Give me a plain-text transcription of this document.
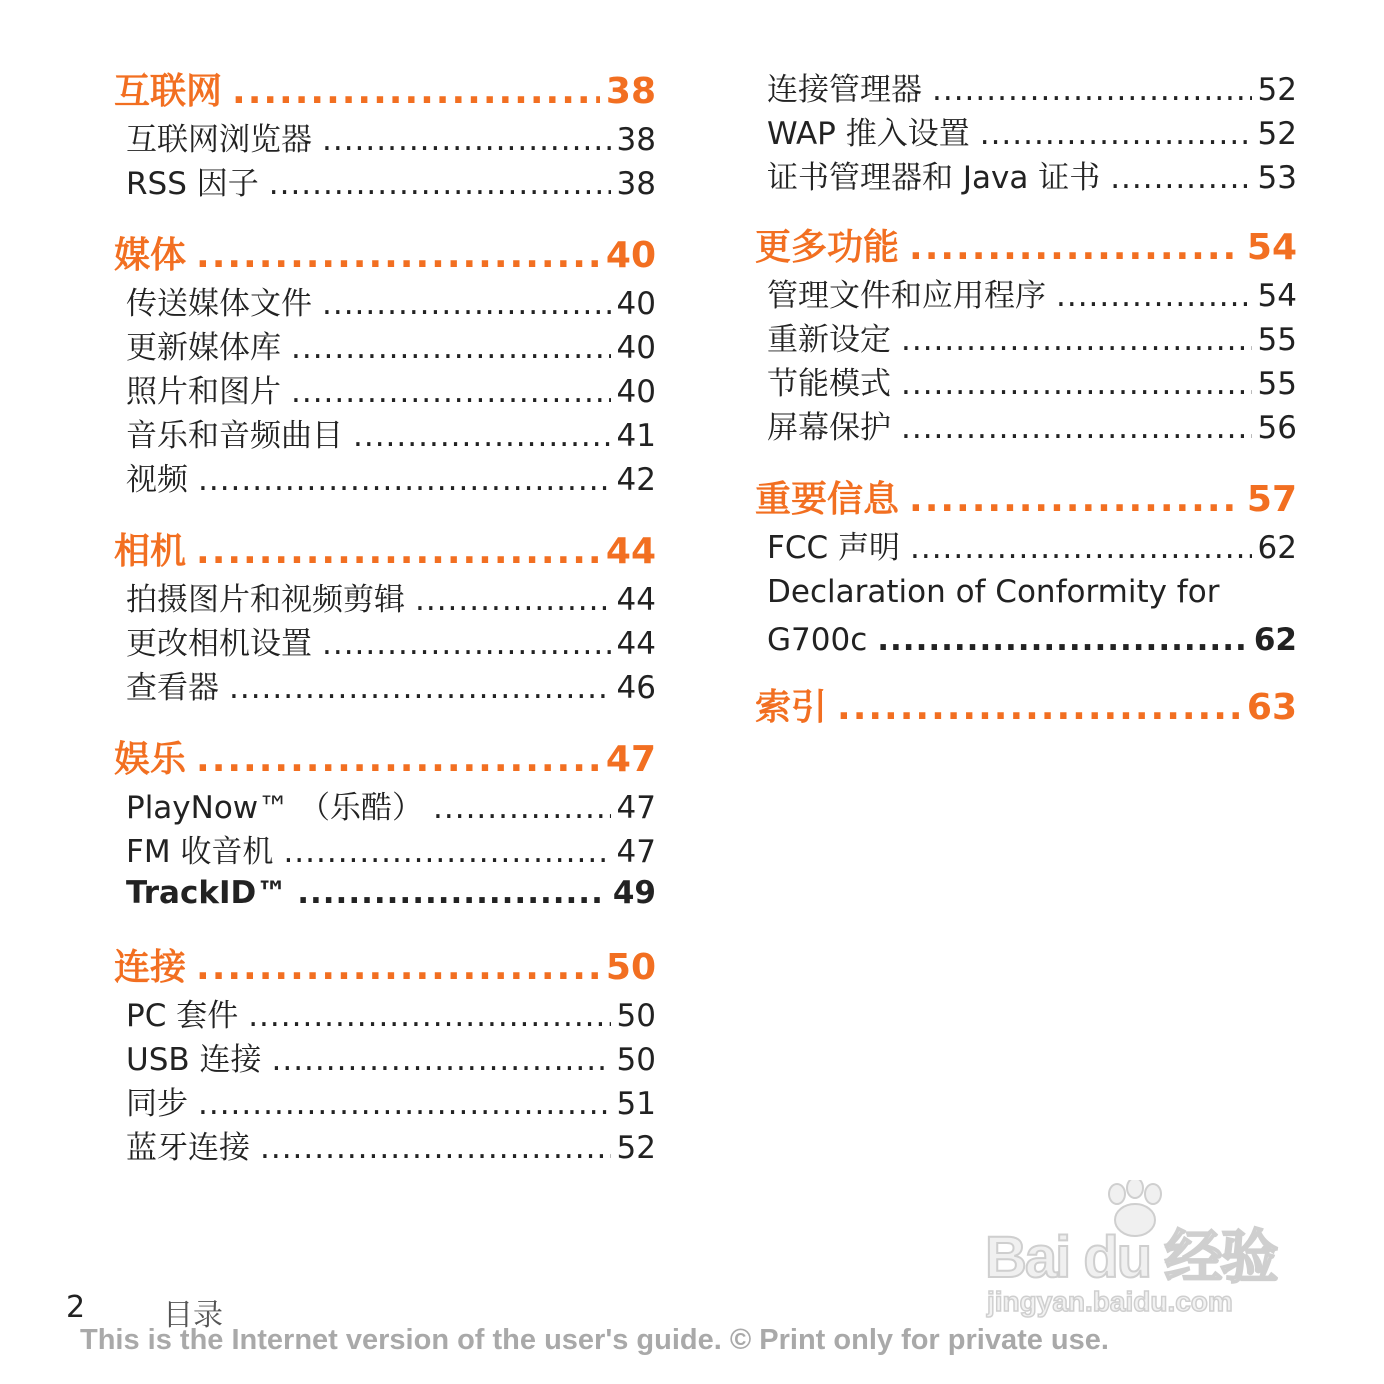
互联网 .....	38
互联网浏览器 .....	38
RSS 因子 .....	38
媒体 .....	40
传送媒体文件 .....	40
更新媒体库 .....	40
照片和图片 .....	40
音乐和音频曲目 .....	41
视频 .....	42
相机 .....	44
拍摄图片和视频剪辑 .....	44
更改相机设置 .....	44
查看器 .....	46
娱乐 .....	47
PlayNow™ （乐酷） .....	47
FM 收音机 .....	47
TrackID™ .....	49
连接 .....	50
PC 套件 .....	50
USB 连接 .....	50
同步 .....	51
蓝牙连接 .....	52
连接管理器 .....	52
WAP 推入设置 .....	52
证书管理器和 Java 证书 .....	53
更多功能 .....	54
管理文件和应用程序 .....	54
重新设定 .....	55
节能模式 .....	55
屏幕保护 .....	56
重要信息 .....	57
FCC 声明 .....	62
Declaration of Conformity for
G700c .....	62
索引 .....	63
Bai du 经验
jingyan.baidu.com
2	目录
This is the Internet version of the user's guide. © Print only for private use.
